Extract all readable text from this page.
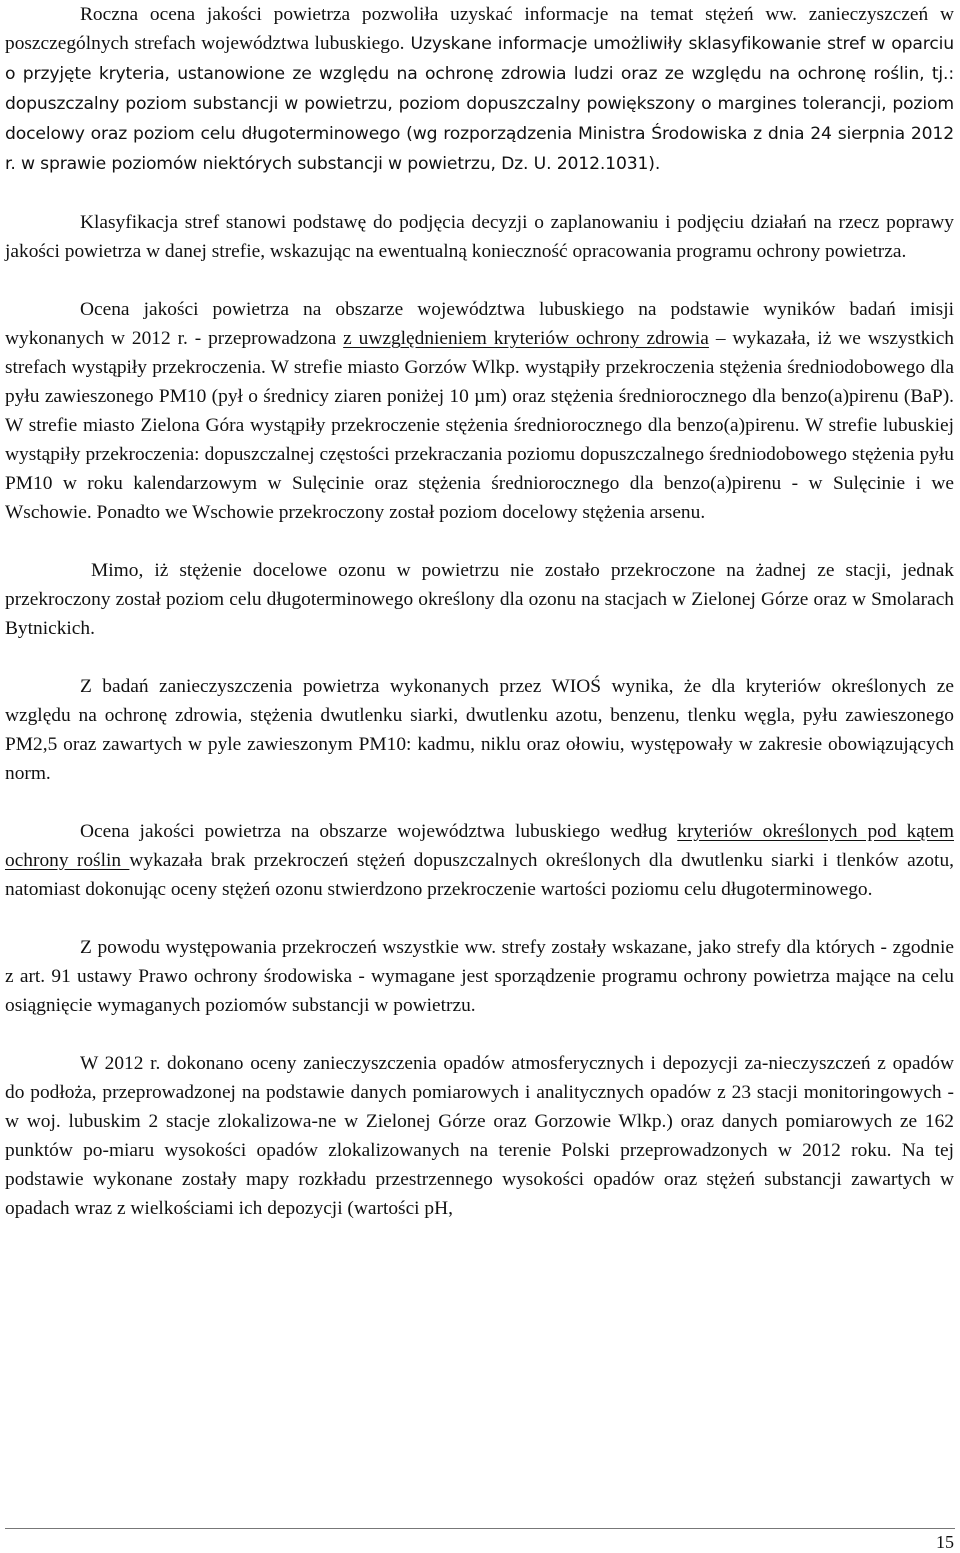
Roczna ocena jakości powietrza pozwoliła uzyskać informacje na temat stężeń ww. zanieczyszczeń w poszczególnych strefach województwa lubuskiego. Uzyskane informacje umożliwiły sklasyfikowanie stref w oparciu o przyjęte kryteria, ustanowione ze względu na ochronę zdrowia ludzi oraz ze względu na ochronę roślin, tj.: dopuszczalny poziom substancji w powietrzu, poziom dopuszczalny powiększony o margines tolerancji, poziom docelowy oraz poziom celu długoterminowego (wg rozporządzenia Ministra Środowiska z dnia 24 sierpnia 2012 r. w sprawie poziomów niektórych substancji w powietrzu, Dz. U. 2012.1031).

Klasyfikacja stref stanowi podstawę do podjęcia decyzji o zaplanowaniu i podjęciu działań na rzecz poprawy jakości powietrza w danej strefie, wskazując na ewentualną konieczność opracowania programu ochrony powietrza.

Ocena jakości powietrza na obszarze województwa lubuskiego na podstawie wyników badań imisji wykonanych w 2012 r. - przeprowadzona z uwzględnieniem kryteriów ochrony zdrowia – wykazała, iż we wszystkich strefach wystąpiły przekroczenia. W strefie miasto Gorzów Wlkp. wystąpiły przekroczenia stężenia średniodobowego dla pyłu zawieszonego PM10 (pył o średnicy ziaren poniżej 10 µm) oraz stężenia średniorocznego dla benzo(a)pirenu (BaP). W strefie miasto Zielona Góra wystąpiły przekroczenie stężenia średniorocznego dla benzo(a)pirenu. W strefie lubuskiej wystąpiły przekroczenia: dopuszczalnej częstości przekraczania poziomu dopuszczalnego średniodobowego stężenia pyłu PM10 w roku kalendarzowym w Sulęcinie oraz stężenia średniorocznego dla benzo(a)pirenu - w Sulęcinie i we Wschowie. Ponadto we Wschowie przekroczony został poziom docelowy stężenia arsenu.

Mimo, iż stężenie docelowe ozonu w powietrzu nie zostało przekroczone na żadnej ze stacji, jednak przekroczony został poziom celu długoterminowego określony dla ozonu na stacjach w Zielonej Górze oraz w Smolarach Bytnickich.

Z badań zanieczyszczenia powietrza wykonanych przez WIOŚ wynika, że dla kryteriów określonych ze względu na ochronę zdrowia, stężenia dwutlenku siarki, dwutlenku azotu, benzenu, tlenku węgla, pyłu zawieszonego PM2,5 oraz zawartych w pyle zawieszonym PM10: kadmu, niklu oraz ołowiu, występowały w zakresie obowiązujących norm.

Ocena jakości powietrza na obszarze województwa lubuskiego według kryteriów określonych pod kątem ochrony roślin wykazała brak przekroczeń stężeń dopuszczalnych określonych dla dwutlenku siarki i tlenków azotu, natomiast dokonując oceny stężeń ozonu stwierdzono przekroczenie wartości poziomu celu długoterminowego.

Z powodu występowania przekroczeń wszystkie ww. strefy zostały wskazane, jako strefy dla których - zgodnie z art. 91 ustawy Prawo ochrony środowiska - wymagane jest sporządzenie programu ochrony powietrza mające na celu osiągnięcie wymaganych poziomów substancji w powietrzu.

W 2012 r. dokonano oceny zanieczyszczenia opadów atmosferycznych i depozycji za-nieczyszczeń z opadów do podłoża, przeprowadzonej na podstawie danych pomiarowych i analitycznych opadów z 23 stacji monitoringowych - w woj. lubuskim 2 stacje zlokalizowa-ne w Zielonej Górze oraz Gorzowie Wlkp.) oraz danych pomiarowych ze 162 punktów po-miaru wysokości opadów zlokalizowanych na terenie Polski przeprowadzonych w 2012 roku. Na tej podstawie wykonane zostały mapy rozkładu przestrzennego wysokości opadów oraz stężeń substancji zawartych w opadach wraz z wielkościami ich depozycji (wartości pH,

15
